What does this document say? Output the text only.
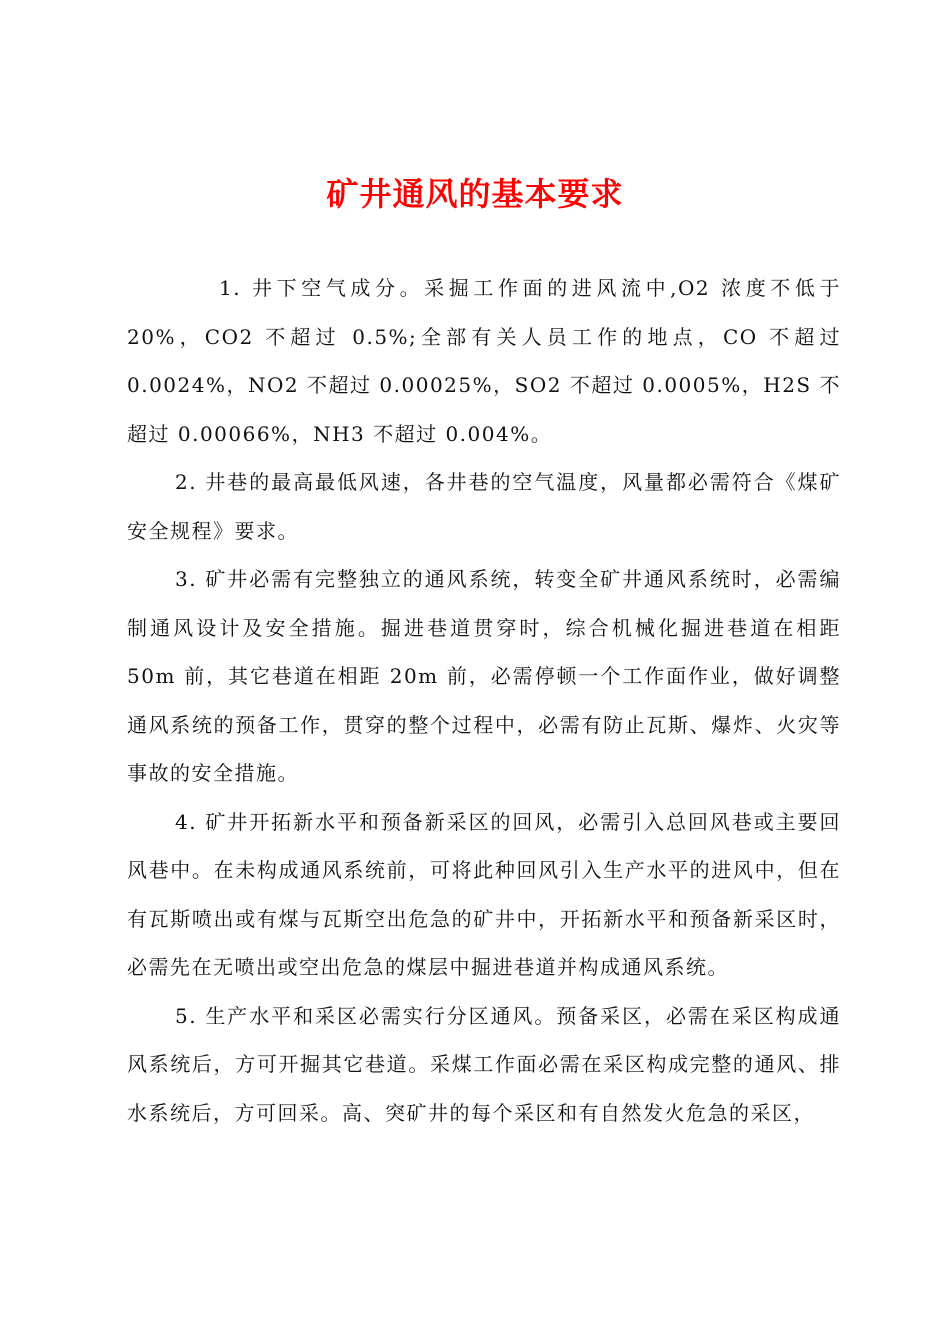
矿井通风的基本要求

1. 井下空气成分。采掘工作面的进风流中,O2 浓度不低于 20%，CO2 不超过 0.5%;全部有关人员工作的地点，CO 不超过 0.0024%，NO2 不超过 0.00025%，SO2 不超过 0.0005%，H2S 不超过 0.00066%，NH3 不超过 0.004%。

2. 井巷的最高最低风速，各井巷的空气温度，风量都必需符合《煤矿安全规程》要求。

3. 矿井必需有完整独立的通风系统，转变全矿井通风系统时，必需编制通风设计及安全措施。掘进巷道贯穿时，综合机械化掘进巷道在相距 50m 前，其它巷道在相距 20m 前，必需停顿一个工作面作业，做好调整通风系统的预备工作，贯穿的整个过程中，必需有防止瓦斯、爆炸、火灾等事故的安全措施。

4. 矿井开拓新水平和预备新采区的回风，必需引入总回风巷或主要回风巷中。在未构成通风系统前，可将此种回风引入生产水平的进风中，但在有瓦斯喷出或有煤与瓦斯空出危急的矿井中，开拓新水平和预备新采区时，必需先在无喷出或空出危急的煤层中掘进巷道并构成通风系统。

5. 生产水平和采区必需实行分区通风。预备采区，必需在采区构成通风系统后，方可开掘其它巷道。采煤工作面必需在采区构成完整的通风、排水系统后，方可回采。高、突矿井的每个采区和有自然发火危急的采区，
